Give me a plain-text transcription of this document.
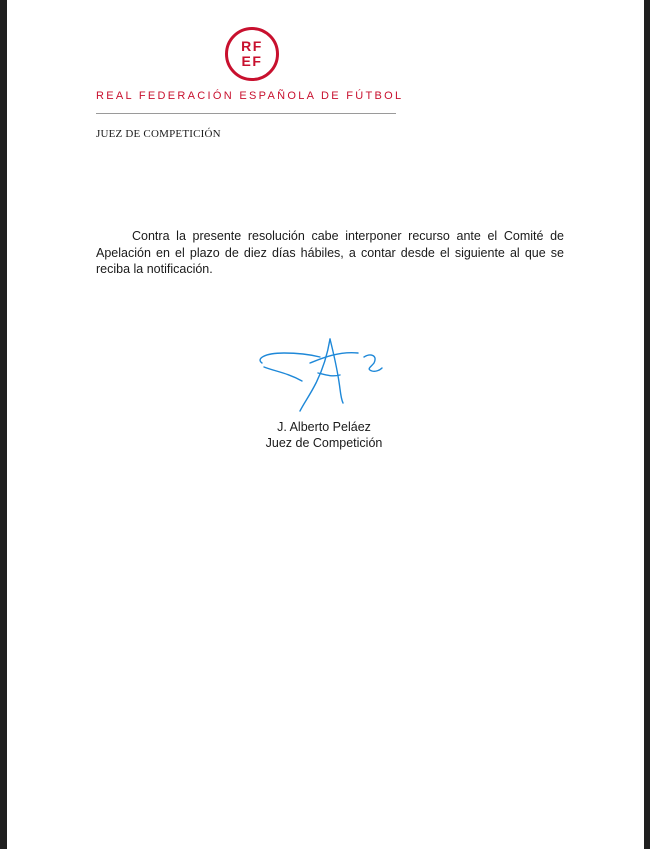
RF
EF
REAL FEDERACIÓN ESPAÑOLA DE FÚTBOL
JUEZ DE COMPETICIÓN

Contra la presente resolución cabe interponer recurso ante el Comité de Apelación en el plazo de diez días hábiles, a contar desde el siguiente al que se reciba la notificación.

J. Alberto Peláez
Juez de Competición
